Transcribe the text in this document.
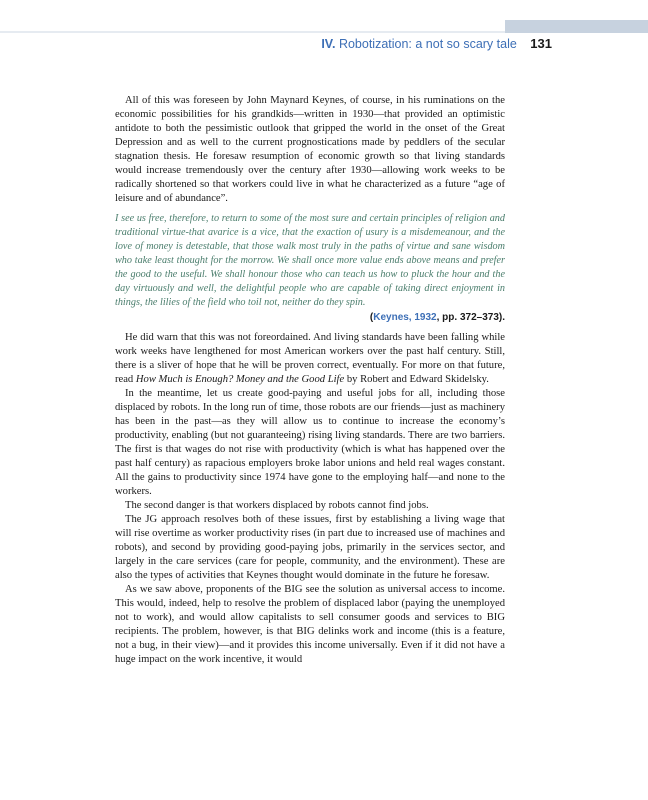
IV. Robotization: a not so scary tale 131

All of this was foreseen by John Maynard Keynes, of course, in his ruminations on the economic possibilities for his grandkids—written in 1930—that provided an optimistic antidote to both the pessimistic outlook that gripped the world in the onset of the Great Depression and as well to the current prognostications made by peddlers of the secular stagnation thesis. He foresaw resumption of economic growth so that living standards would increase tremendously over the century after 1930—allowing work weeks to be radically shortened so that workers could live in what he characterized as a future “age of leisure and of abundance”.

I see us free, therefore, to return to some of the most sure and certain principles of religion and traditional virtue-that avarice is a vice, that the exaction of usury is a misdemeanour, and the love of money is detestable, that those walk most truly in the paths of virtue and sane wisdom who take least thought for the morrow. We shall once more value ends above means and prefer the good to the useful. We shall honour those who can teach us how to pluck the hour and the day virtuously and well, the delightful people who are capable of taking direct enjoyment in things, the lilies of the field who toil not, neither do they spin.
(Keynes, 1932, pp. 372–373).

He did warn that this was not foreordained. And living standards have been falling while work weeks have lengthened for most American workers over the past half century. Still, there is a sliver of hope that he will be proven correct, eventually. For more on that future, read How Much is Enough? Money and the Good Life by Robert and Edward Skidelsky.

In the meantime, let us create good-paying and useful jobs for all, including those displaced by robots. In the long run of time, those robots are our friends—just as machinery has been in the past—as they will allow us to continue to increase the economy’s productivity, enabling (but not guaranteeing) rising living standards. There are two barriers. The first is that wages do not rise with productivity (which is what has happened over the past half century) as rapacious employers broke labor unions and held real wages constant. All the gains to productivity since 1974 have gone to the employing half—and none to the workers.

The second danger is that workers displaced by robots cannot find jobs.

The JG approach resolves both of these issues, first by establishing a living wage that will rise overtime as worker productivity rises (in part due to increased use of machines and robots), and second by providing good-paying jobs, primarily in the services sector, and largely in the care services (care for people, community, and the environment). These are also the types of activities that Keynes thought would dominate in the future he foresaw.

As we saw above, proponents of the BIG see the solution as universal access to income. This would, indeed, help to resolve the problem of displaced labor (paying the unemployed not to work), and would allow capitalists to sell consumer goods and services to BIG recipients. The problem, however, is that BIG delinks work and income (this is a feature, not a bug, in their view)—and it provides this income universally. Even if it did not have a huge impact on the work incentive, it would
